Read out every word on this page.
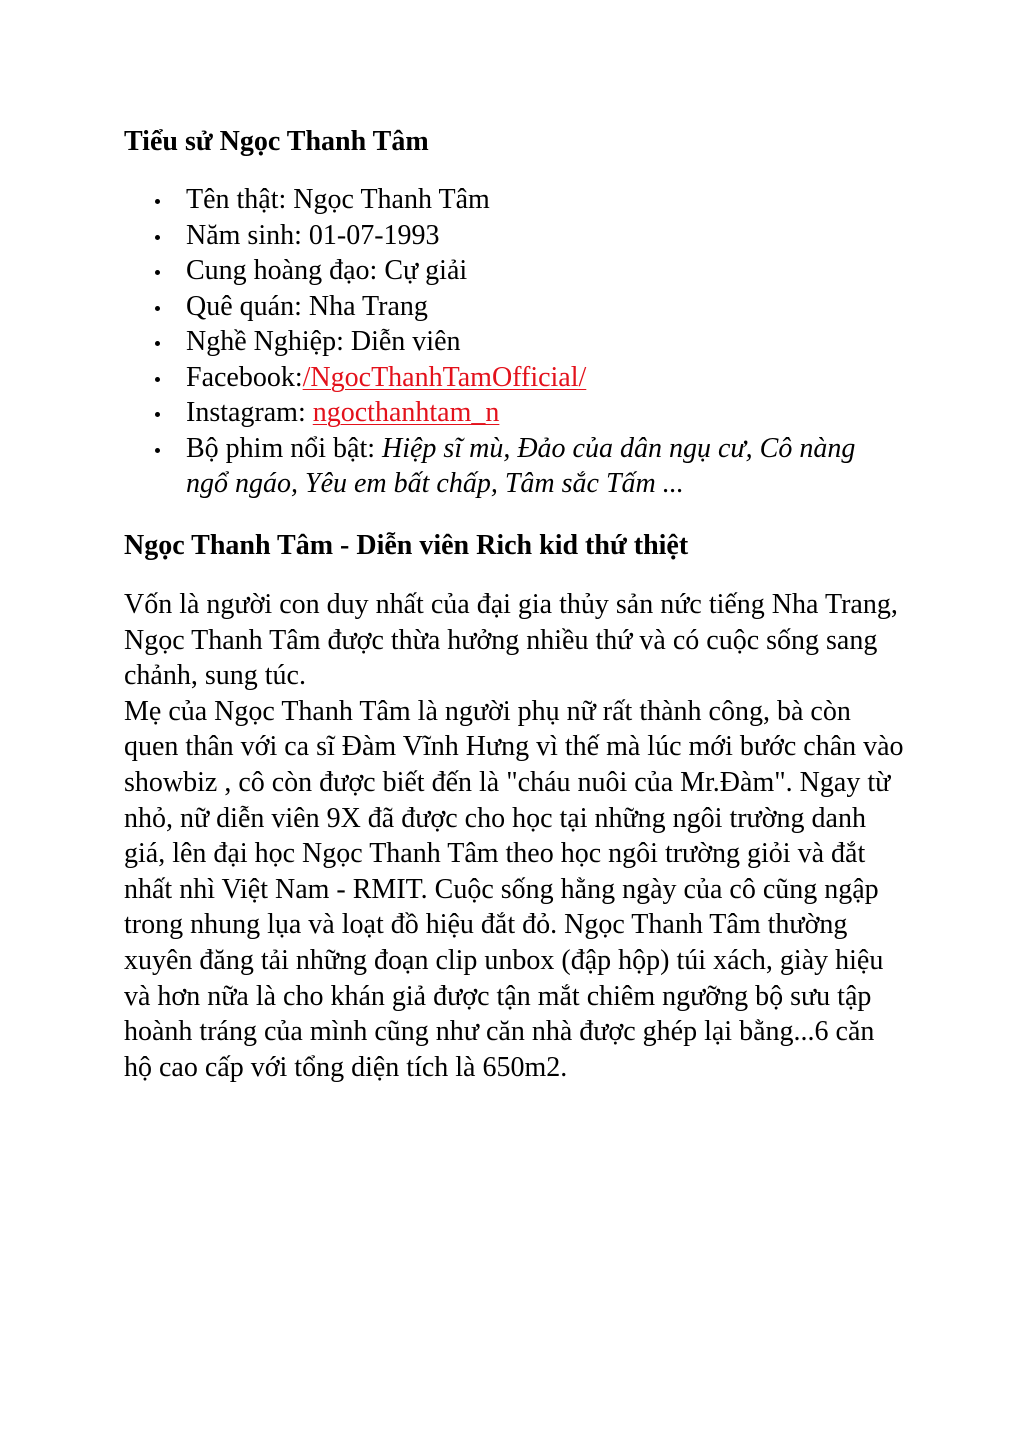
Tiểu sử Ngọc Thanh Tâm
Tên thật: Ngọc Thanh Tâm
Năm sinh: 01-07-1993
Cung hoàng đạo: Cự giải
Quê quán: Nha Trang
Nghề Nghiệp: Diễn viên
Facebook:/NgocThanhTamOfficial/
Instagram: ngocthanhtam_n
Bộ phim nổi bật: Hiệp sĩ mù, Đảo của dân ngụ cư, Cô nàng ngổ ngáo, Yêu em bất chấp, Tâm sắc Tấm ...
Ngọc Thanh Tâm - Diễn viên Rich kid thứ thiệt

Vốn là người con duy nhất của đại gia thủy sản nức tiếng Nha Trang, Ngọc Thanh Tâm được thừa hưởng nhiều thứ và có cuộc sống sang chảnh, sung túc.

Mẹ của Ngọc Thanh Tâm là người phụ nữ rất thành công, bà còn quen thân với ca sĩ Đàm Vĩnh Hưng vì thế mà lúc mới bước chân vào showbiz , cô còn được biết đến là "cháu nuôi của Mr.Đàm". Ngay từ nhỏ, nữ diễn viên 9X đã được cho học tại những ngôi trường danh giá, lên đại học Ngọc Thanh Tâm theo học ngôi trường giỏi và đắt nhất nhì Việt Nam - RMIT. Cuộc sống hằng ngày của cô cũng ngập trong nhung lụa và loạt đồ hiệu đắt đỏ. Ngọc Thanh Tâm thường xuyên đăng tải những đoạn clip unbox (đập hộp) túi xách, giày hiệu và hơn nữa là cho khán giả được tận mắt chiêm ngưỡng bộ sưu tập hoành tráng của mình cũng như căn nhà được ghép lại bằng...6 căn hộ cao cấp với tổng diện tích là 650m2.
